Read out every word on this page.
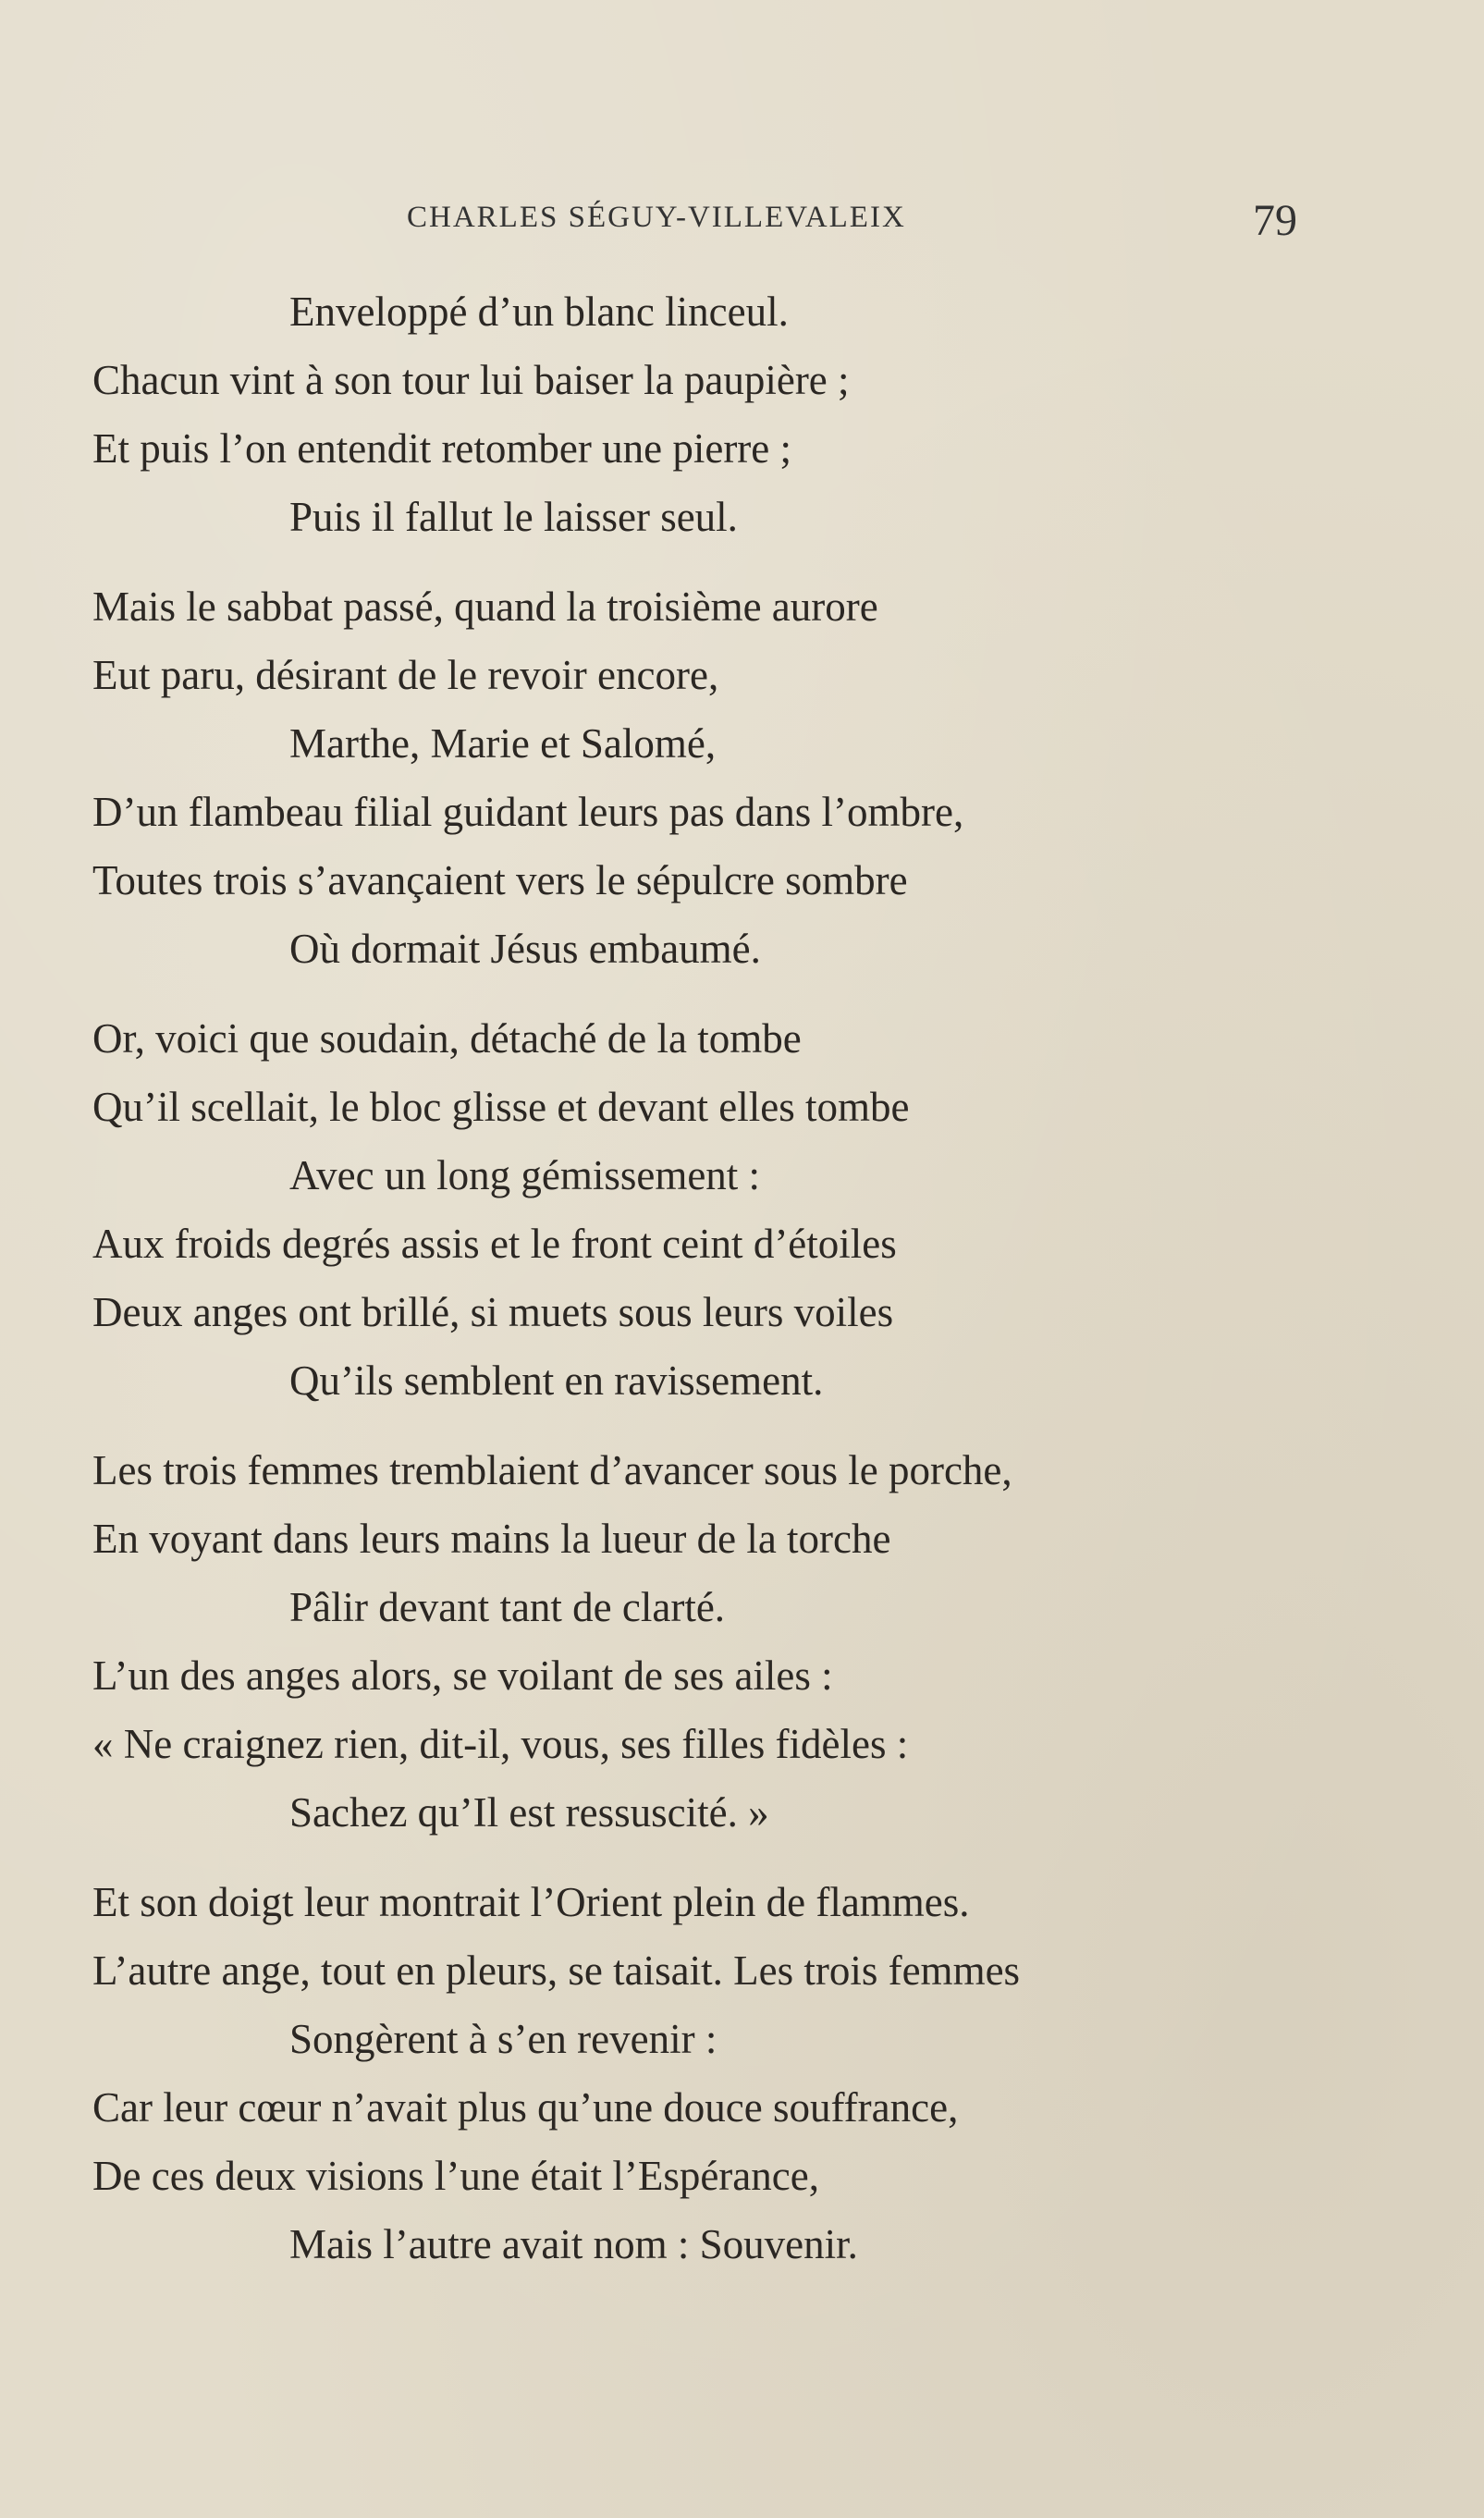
CHARLES SÉGUY-VILLEVALEIX	79
Enveloppé d’un blanc linceul.
Chacun vint à son tour lui baiser la paupière ;
Et puis l’on entendit retomber une pierre ;
Puis il fallut le laisser seul.
Mais le sabbat passé, quand la troisième aurore
Eut paru, désirant de le revoir encore,
Marthe, Marie et Salomé,
D’un flambeau filial guidant leurs pas dans l’ombre,
Toutes trois s’avançaient vers le sépulcre sombre
Où dormait Jésus embaumé.
Or, voici que soudain, détaché de la tombe
Qu’il scellait, le bloc glisse et devant elles tombe
Avec un long gémissement :
Aux froids degrés assis et le front ceint d’étoiles
Deux anges ont brillé, si muets sous leurs voiles
Qu’ils semblent en ravissement.
Les trois femmes tremblaient d’avancer sous le porche,
En voyant dans leurs mains la lueur de la torche
Pâlir devant tant de clarté.
L’un des anges alors, se voilant de ses ailes :
« Ne craignez rien, dit-il, vous, ses filles fidèles :
Sachez qu’Il est ressuscité. »
Et son doigt leur montrait l’Orient plein de flammes.
L’autre ange, tout en pleurs, se taisait. Les trois femmes
Songèrent à s’en revenir :
Car leur cœur n’avait plus qu’une douce souffrance,
De ces deux visions l’une était l’Espérance,
Mais l’autre avait nom : Souvenir.
